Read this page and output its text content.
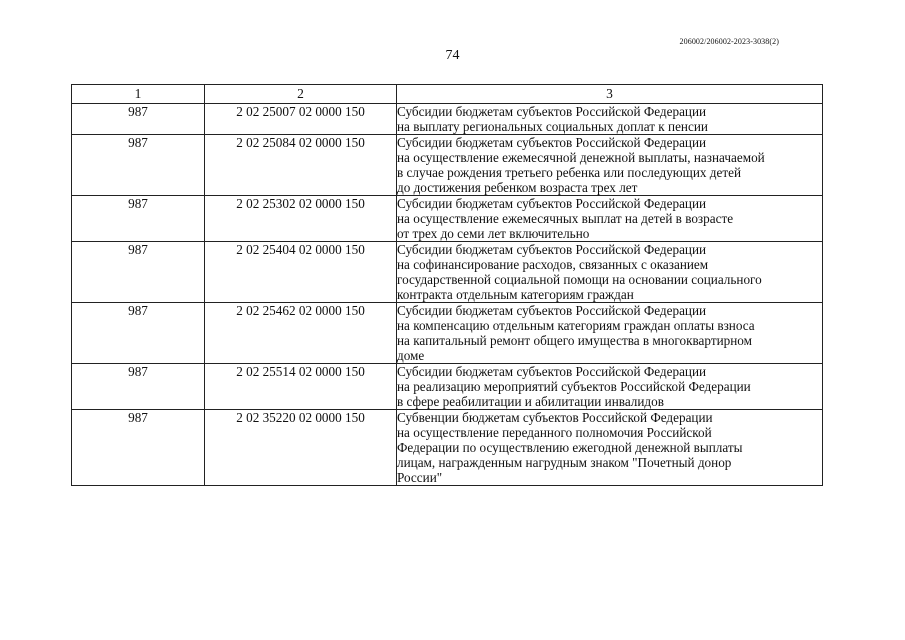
206002/206002-2023-3038(2)
74
1	2	3
987	2 02 25007 02 0000 150	Субсидии бюджетам субъектов Российской Федерации
на выплату региональных социальных доплат к пенсии

987	2 02 25084 02 0000 150	Субсидии бюджетам субъектов Российской Федерации
на осуществление ежемесячной денежной выплаты, назначаемой
в случае рождения третьего ребенка или последующих детей
до достижения ребенком возраста трех лет

987	2 02 25302 02 0000 150	Субсидии бюджетам субъектов Российской Федерации
на осуществление ежемесячных выплат на детей в возрасте
от трех до семи лет включительно

987	2 02 25404 02 0000 150	Субсидии бюджетам субъектов Российской Федерации
на софинансирование расходов, связанных с оказанием
государственной социальной помощи на основании социального
контракта отдельным категориям граждан

987	2 02 25462 02 0000 150	Субсидии бюджетам субъектов Российской Федерации
на компенсацию отдельным категориям граждан оплаты взноса
на капитальный ремонт общего имущества в многоквартирном
доме

987	2 02 25514 02 0000 150	Субсидии бюджетам субъектов Российской Федерации
на реализацию мероприятий субъектов Российской Федерации
в сфере реабилитации и абилитации инвалидов

987	2 02 35220 02 0000 150	Субвенции бюджетам субъектов Российской Федерации
на осуществление переданного полномочия Российской
Федерации по осуществлению ежегодной денежной выплаты
лицам, награжденным нагрудным знаком "Почетный донор
России"
